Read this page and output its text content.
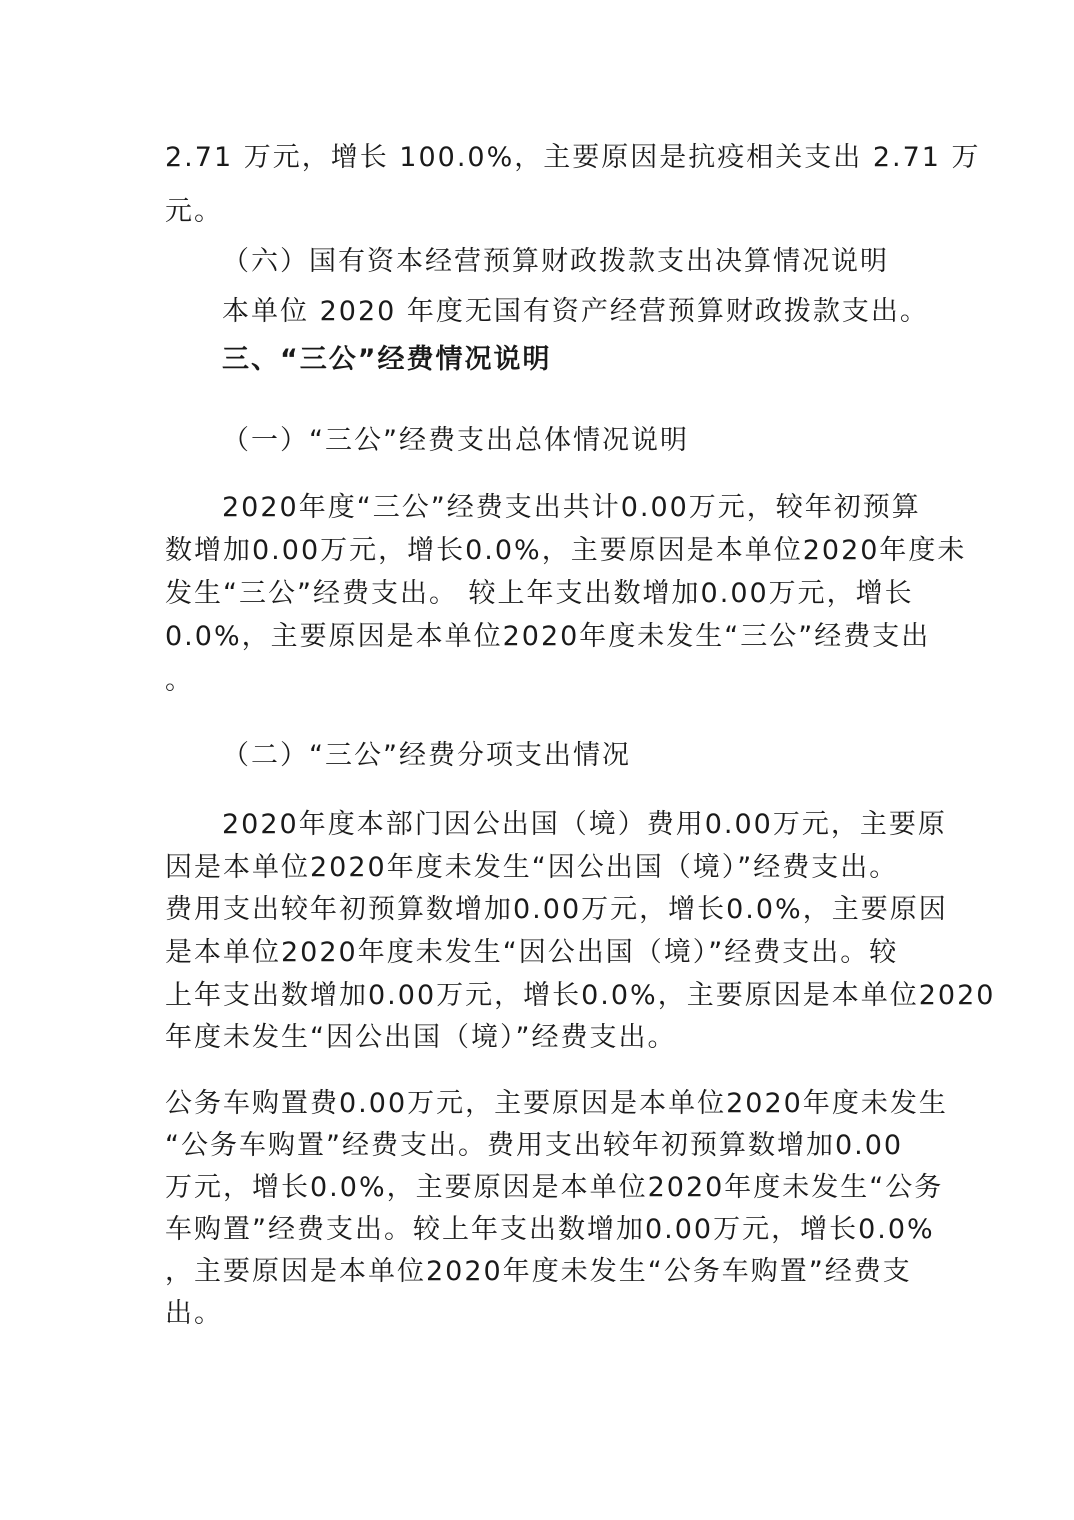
2.71 万元，增长 100.0%，主要原因是抗疫相关支出 2.71 万
元。
（六）国有资本经营预算财政拨款支出决算情况说明
本单位 2020 年度无国有资产经营预算财政拨款支出。
三、“三公”经费情况说明
（一）“三公”经费支出总体情况说明
2020年度“三公”经费支出共计0.00万元，较年初预算
数增加0.00万元，增长0.0%，主要原因是本单位2020年度未
发生“三公”经费支出。 较上年支出数增加0.00万元，增长
0.0%，主要原因是本单位2020年度未发生“三公”经费支出
。
（二）“三公”经费分项支出情况
2020年度本部门因公出国（境）费用0.00万元，主要原
因是本单位2020年度未发生“因公出国（境）”经费支出。
费用支出较年初预算数增加0.00万元，增长0.0%，主要原因
是本单位2020年度未发生“因公出国（境）”经费支出。较
上年支出数增加0.00万元，增长0.0%，主要原因是本单位2020
年度未发生“因公出国（境）”经费支出。
公务车购置费0.00万元，主要原因是本单位2020年度未发生
“公务车购置”经费支出。费用支出较年初预算数增加0.00
万元，增长0.0%，主要原因是本单位2020年度未发生“公务
车购置”经费支出。较上年支出数增加0.00万元，增长0.0%
，主要原因是本单位2020年度未发生“公务车购置”经费支
出。
